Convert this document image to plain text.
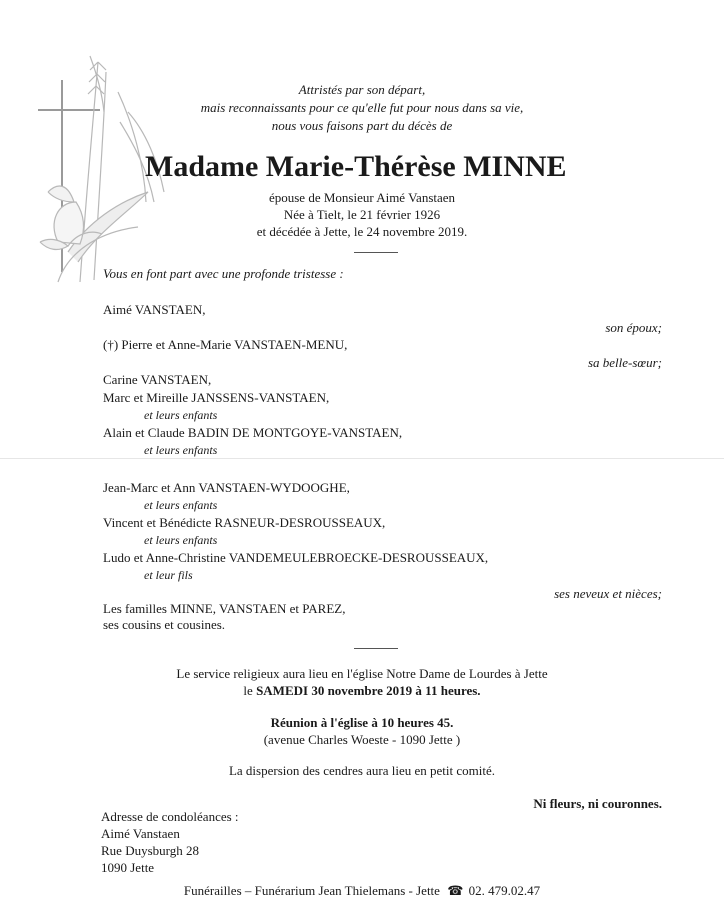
Attristés par son départ,
mais reconnaissants pour ce qu'elle fut pour nous dans sa vie,
nous vous faisons part du décès de
Madame Marie-Thérèse MINNE
épouse de Monsieur Aimé Vanstaen
Née à Tielt, le 21 février 1926
et décédée à Jette, le 24 novembre 2019.
Vous en font part avec une profonde tristesse :
Aimé VANSTAEN,
son époux;
(†) Pierre et Anne-Marie VANSTAEN-MENU,
sa belle-sœur;
Carine VANSTAEN,
Marc et Mireille JANSSENS-VANSTAEN,
et leurs enfants
Alain et Claude BADIN DE MONTGOYE-VANSTAEN,
et leurs enfants
Jean-Marc et Ann VANSTAEN-WYDOOGHE,
et leurs enfants
Vincent et Bénédicte RASNEUR-DESROUSSEAUX,
et leurs enfants
Ludo et Anne-Christine VANDEMEULEBROECKE-DESROUSSEAUX,
et leur fils
ses neveux et nièces;
Les familles MINNE, VANSTAEN et PAREZ,
ses cousins et cousines.
Le service religieux aura lieu en l'église Notre Dame de Lourdes à Jette
le SAMEDI 30 novembre 2019 à 11 heures.
Réunion à l'église à 10 heures 45.
(avenue Charles Woeste - 1090 Jette )
La dispersion des cendres aura lieu en petit comité.
Ni fleurs, ni couronnes.
Adresse de condoléances :
Aimé Vanstaen
Rue Duysburgh 28
1090 Jette
Funérailles – Funérarium Jean Thielemans - Jette ☎ 02. 479.02.47
